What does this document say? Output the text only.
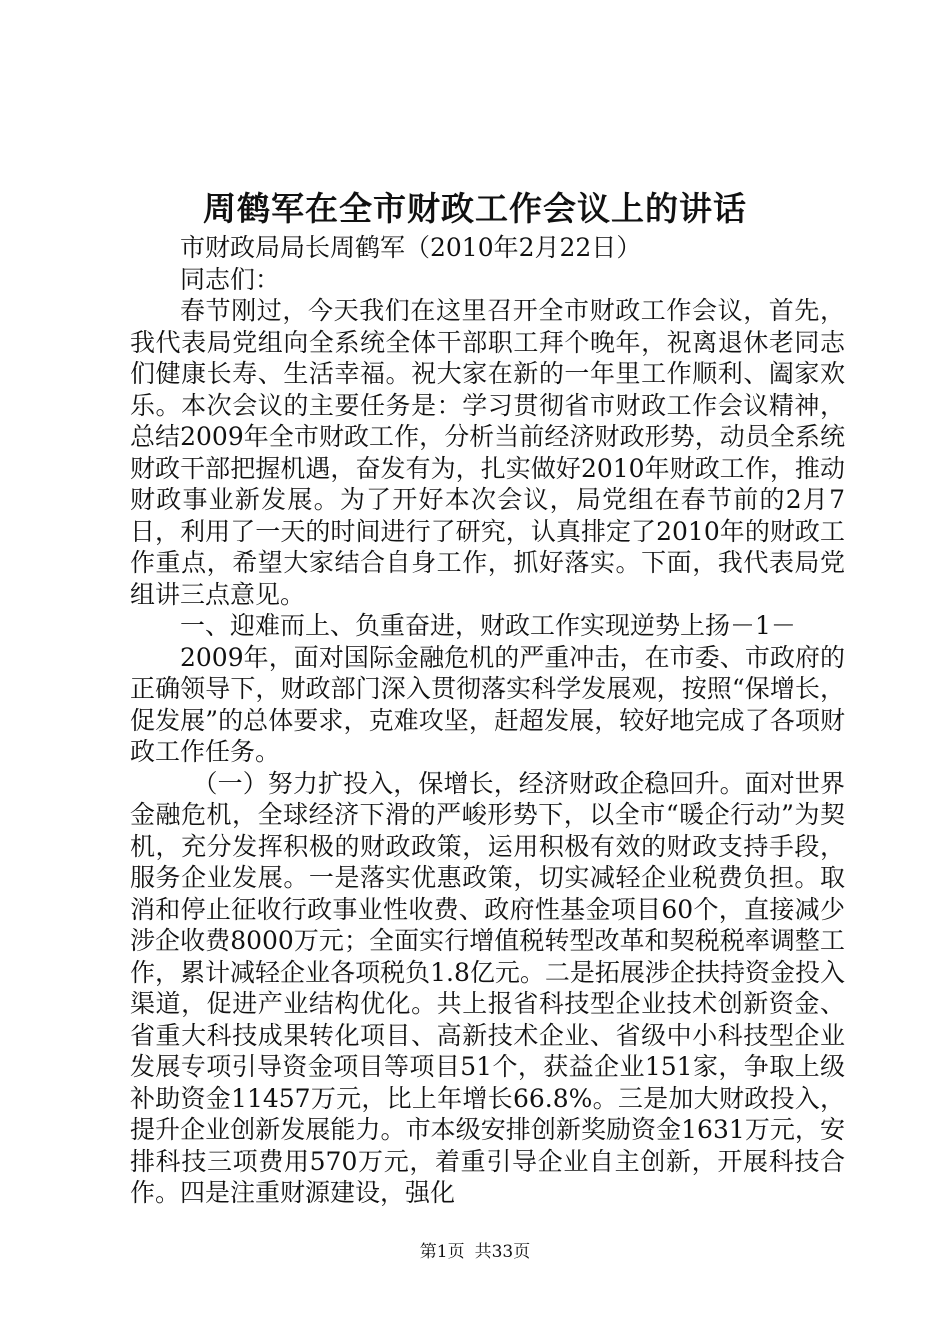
周鹤军在全市财政工作会议上的讲话

市财政局局长周鹤军（2010年2月22日）

同志们：

春节刚过，今天我们在这里召开全市财政工作会议，首先，我代表局党组向全系统全体干部职工拜个晚年，祝离退休老同志们健康长寿、生活幸福。祝大家在新的一年里工作顺利、阖家欢乐。本次会议的主要任务是：学习贯彻省市财政工作会议精神，总结2009年全市财政工作，分析当前经济财政形势，动员全系统财政干部把握机遇，奋发有为，扎实做好2010年财政工作，推动财政事业新发展。为了开好本次会议，局党组在春节前的2月7日，利用了一天的时间进行了研究，认真排定了2010年的财政工作重点，希望大家结合自身工作，抓好落实。下面，我代表局党组讲三点意见。

一、迎难而上、负重奋进，财政工作实现逆势上扬－1－

2009年，面对国际金融危机的严重冲击，在市委、市政府的正确领导下，财政部门深入贯彻落实科学发展观，按照“保增长，促发展”的总体要求，克难攻坚，赶超发展，较好地完成了各项财政工作任务。

（一）努力扩投入，保增长，经济财政企稳回升。面对世界金融危机，全球经济下滑的严峻形势下，以全市“暖企行动”为契机，充分发挥积极的财政政策，运用积极有效的财政支持手段，服务企业发展。一是落实优惠政策，切实减轻企业税费负担。取消和停止征收行政事业性收费、政府性基金项目60个，直接减少涉企收费8000万元；全面实行增值税转型改革和契税税率调整工作，累计减轻企业各项税负1.8亿元。二是拓展涉企扶持资金投入渠道，促进产业结构优化。共上报省科技型企业技术创新资金、省重大科技成果转化项目、高新技术企业、省级中小科技型企业发展专项引导资金项目等项目51个，获益企业151家，争取上级补助资金11457万元，比上年增长66.8%。三是加大财政投入，提升企业创新发展能力。市本级安排创新奖励资金1631万元，安排科技三项费用570万元，着重引导企业自主创新，开展科技合作。四是注重财源建设，强化

第1页 共33页
